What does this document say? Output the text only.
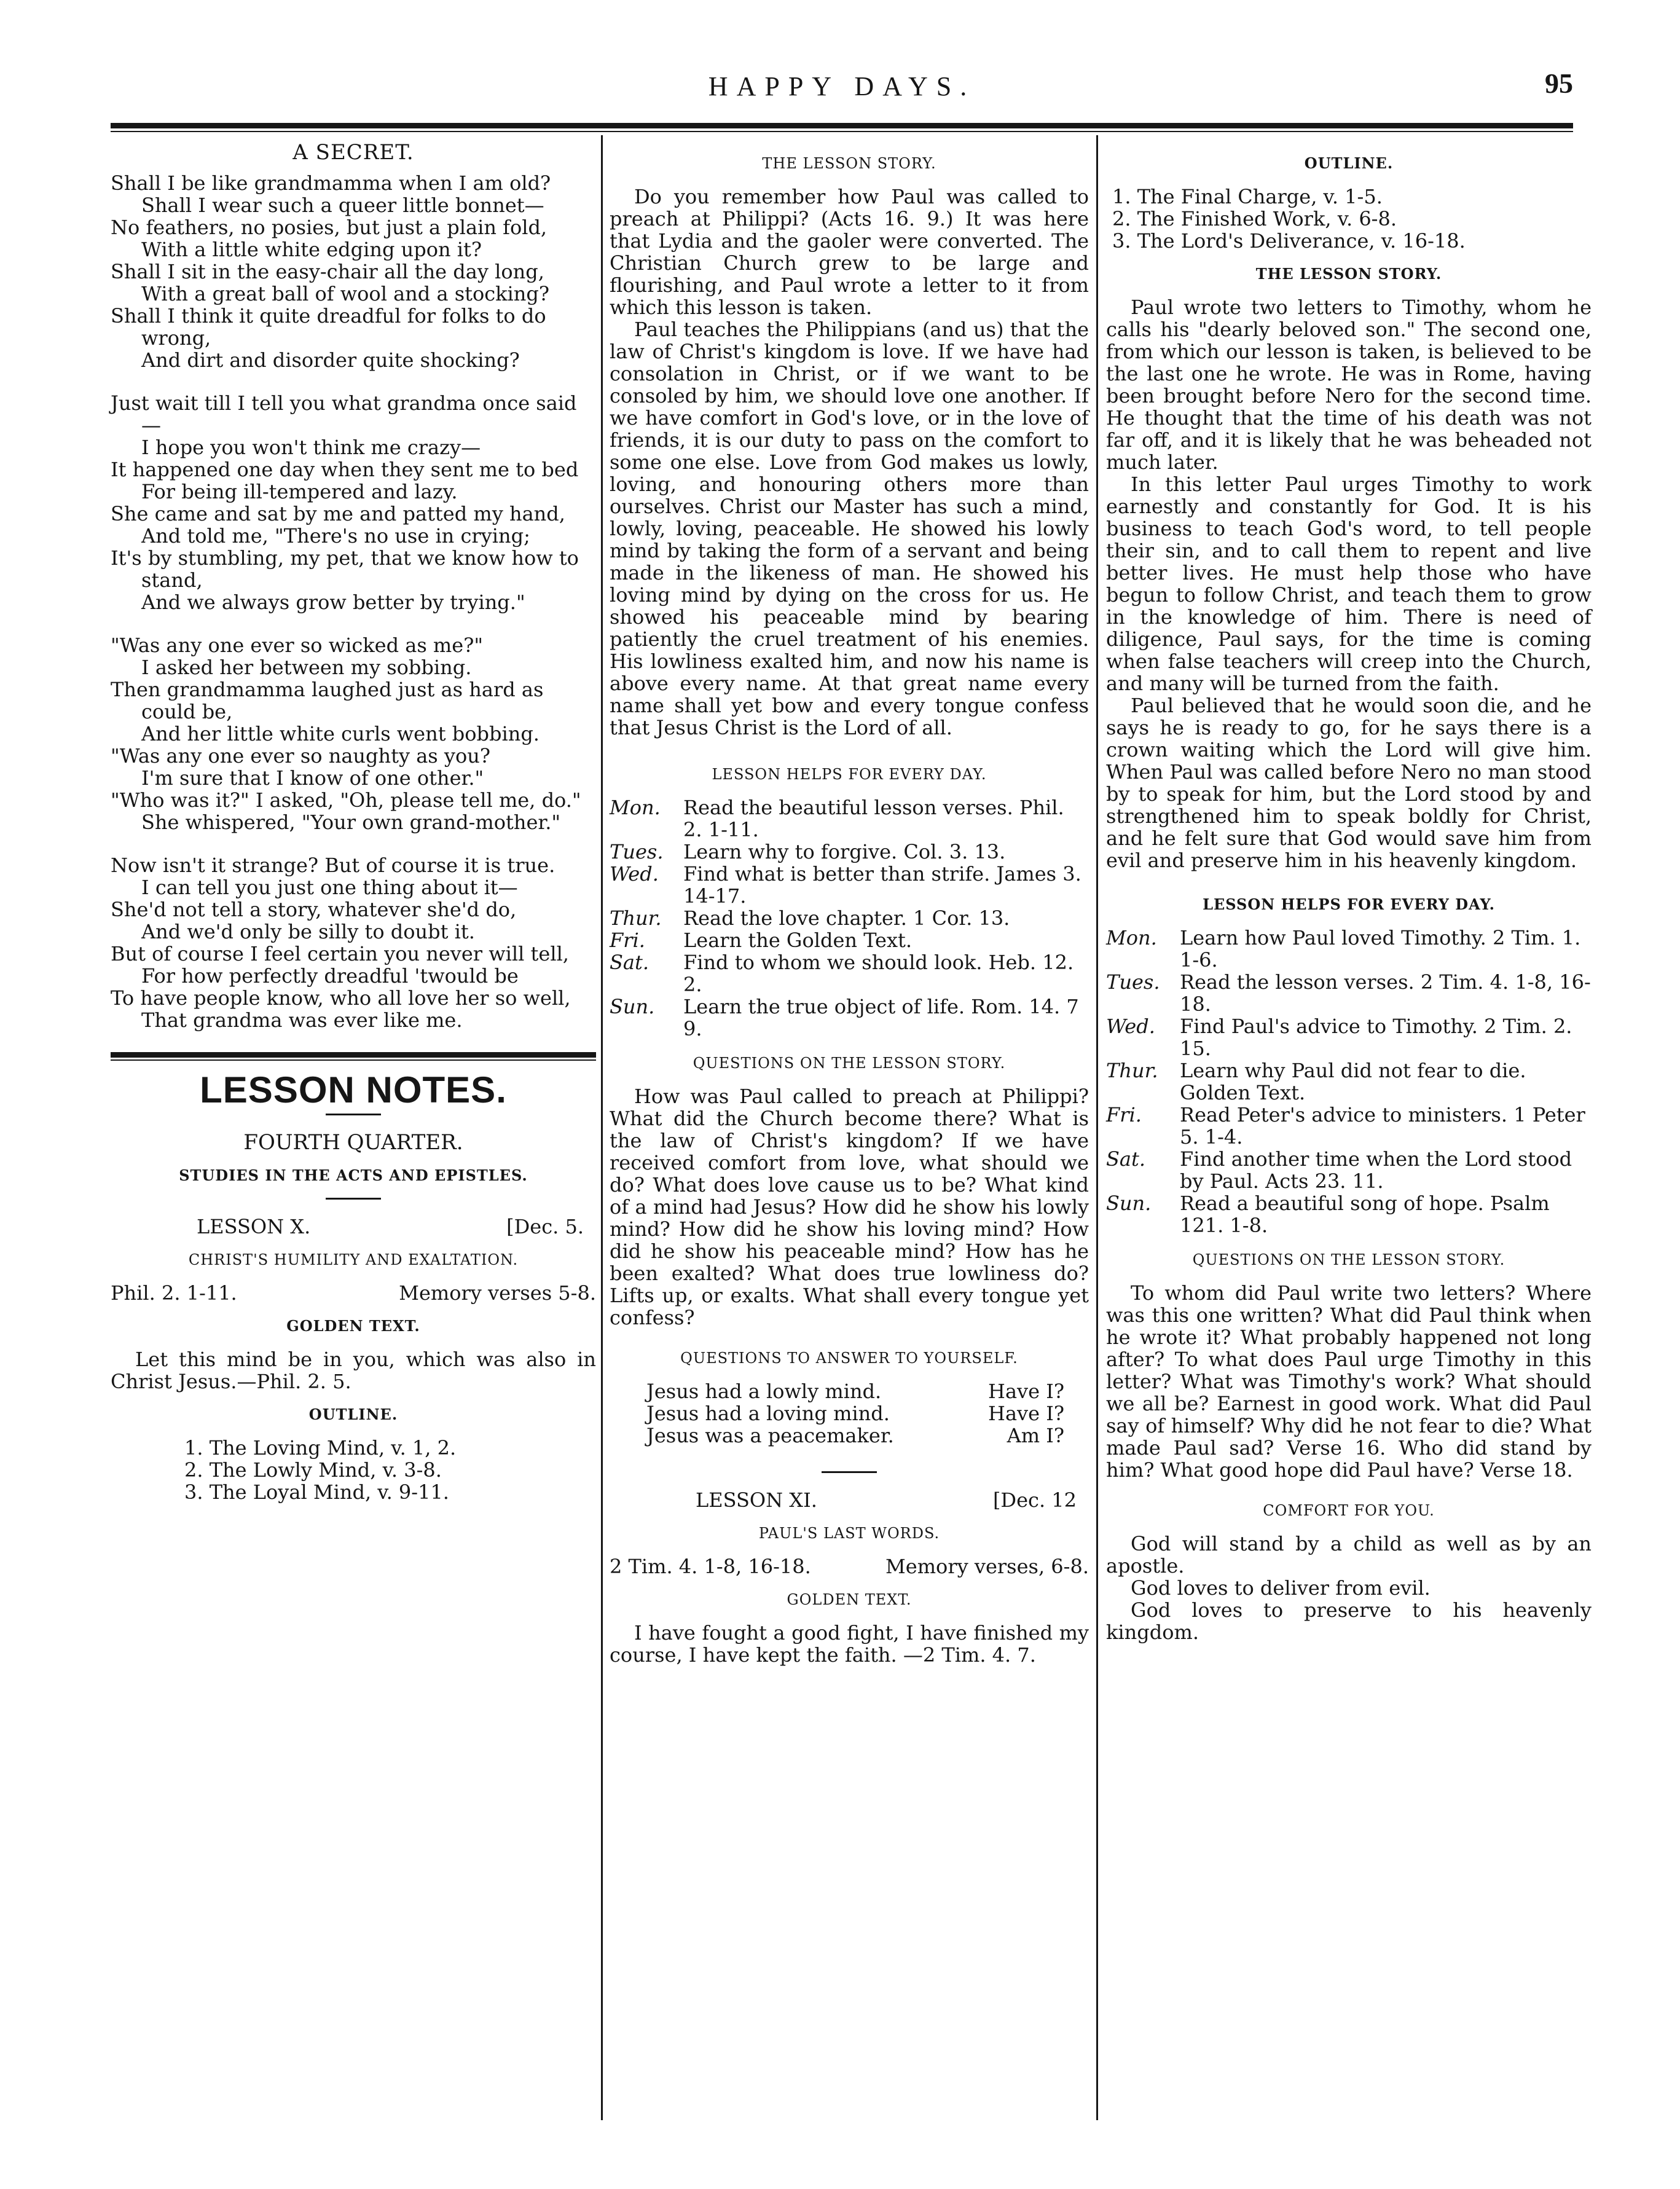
HAPPY DAYS.	95
A SECRET.
Shall I be like grandmamma when I am old?
Shall I wear such a queer little bonnet—
No feathers, no posies, but just a plain fold,
With a little white edging upon it?
Shall I sit in the easy-chair all the day long,
With a great ball of wool and a stocking?
Shall I think it quite dreadful for folks to do wrong,
And dirt and disorder quite shocking?
Just wait till I tell you what grandma once said—
I hope you won't think me crazy—
It happened one day when they sent me to bed
For being ill-tempered and lazy.
She came and sat by me and patted my hand,
And told me, "There's no use in crying;
It's by stumbling, my pet, that we know how to stand,
And we always grow better by trying."
"Was any one ever so wicked as me?"
I asked her between my sobbing.
Then grandmamma laughed just as hard as could be,
And her little white curls went bobbing.
"Was any one ever so naughty as you?
I'm sure that I know of one other."
"Who was it?" I asked, "Oh, please tell me, do."
She whispered, "Your own grand-mother."
Now isn't it strange? But of course it is true.
I can tell you just one thing about it—
She'd not tell a story, whatever she'd do,
And we'd only be silly to doubt it.
But of course I feel certain you never will tell,
For how perfectly dreadful 'twould be
To have people know, who all love her so well,
That grandma was ever like me.
LESSON NOTES.
FOURTH QUARTER.
STUDIES IN THE ACTS AND EPISTLES.
LESSON X.	[Dec. 5.
CHRIST'S HUMILITY AND EXALTATION.
Phil. 2. 1-11.	Memory verses 5-8.
GOLDEN TEXT.

Let this mind be in you, which was also in Christ Jesus.—Phil. 2. 5.

OUTLINE.
1. The Loving Mind, v. 1, 2.
2. The Lowly Mind, v. 3-8.
3. The Loyal Mind, v. 9-11.
THE LESSON STORY.

Do you remember how Paul was called to preach at Philippi? (Acts 16. 9.) It was here that Lydia and the gaoler were converted. The Christian Church grew to be large and flourishing, and Paul wrote a letter to it from which this lesson is taken.

Paul teaches the Philippians (and us) that the law of Christ's kingdom is love. If we have had consolation in Christ, or if we want to be consoled by him, we should love one another. If we have comfort in God's love, or in the love of friends, it is our duty to pass on the comfort to some one else. Love from God makes us lowly, loving, and honouring others more than ourselves. Christ our Master has such a mind, lowly, loving, peaceable. He showed his lowly mind by taking the form of a servant and being made in the likeness of man. He showed his loving mind by dying on the cross for us. He showed his peaceable mind by bearing patiently the cruel treatment of his enemies. His lowliness exalted him, and now his name is above every name. At that great name every name shall yet bow and every tongue confess that Jesus Christ is the Lord of all.

LESSON HELPS FOR EVERY DAY.
Mon.	Read the beautiful lesson verses. Phil. 2. 1-11.
Tues.	Learn why to forgive. Col. 3. 13.
Wed.	Find what is better than strife. James 3. 14-17.
Thur.	Read the love chapter. 1 Cor. 13.
Fri.	Learn the Golden Text.
Sat.	Find to whom we should look. Heb. 12. 2.
Sun.	Learn the true object of life. Rom. 14. 7 9.
QUESTIONS ON THE LESSON STORY.

How was Paul called to preach at Philippi? What did the Church become there? What is the law of Christ's kingdom? If we have received comfort from love, what should we do? What does love cause us to be? What kind of a mind had Jesus? How did he show his lowly mind? How did he show his loving mind? How did he show his peaceable mind? How has he been exalted? What does true lowliness do? Lifts up, or exalts. What shall every tongue yet confess?

QUESTIONS TO ANSWER TO YOURSELF.
Jesus had a lowly mind.	Have I?
Jesus had a loving mind.	Have I?
Jesus was a peacemaker.	Am I?
LESSON XI.	[Dec. 12
PAUL'S LAST WORDS.
2 Tim. 4. 1-8, 16-18.	Memory verses, 6-8.
GOLDEN TEXT.

I have fought a good fight, I have finished my course, I have kept the faith. —2 Tim. 4. 7.

OUTLINE.
1. The Final Charge, v. 1-5.
2. The Finished Work, v. 6-8.
3. The Lord's Deliverance, v. 16-18.
THE LESSON STORY.

Paul wrote two letters to Timothy, whom he calls his "dearly beloved son." The second one, from which our lesson is taken, is believed to be the last one he wrote. He was in Rome, having been brought before Nero for the second time. He thought that the time of his death was not far off, and it is likely that he was beheaded not much later.

In this letter Paul urges Timothy to work earnestly and constantly for God. It is his business to teach God's word, to tell people their sin, and to call them to repent and live better lives. He must help those who have begun to follow Christ, and teach them to grow in the knowledge of him. There is need of diligence, Paul says, for the time is coming when false teachers will creep into the Church, and many will be turned from the faith.

Paul believed that he would soon die, and he says he is ready to go, for he says there is a crown waiting which the Lord will give him. When Paul was called before Nero no man stood by to speak for him, but the Lord stood by and strengthened him to speak boldly for Christ, and he felt sure that God would save him from evil and preserve him in his heavenly kingdom.

LESSON HELPS FOR EVERY DAY.
Mon.	Learn how Paul loved Timothy. 2 Tim. 1. 1-6.
Tues.	Read the lesson verses. 2 Tim. 4. 1-8, 16-18.
Wed.	Find Paul's advice to Timothy. 2 Tim. 2. 15.
Thur.	Learn why Paul did not fear to die. Golden Text.
Fri.	Read Peter's advice to ministers. 1 Peter 5. 1-4.
Sat.	Find another time when the Lord stood by Paul. Acts 23. 11.
Sun.	Read a beautiful song of hope. Psalm 121. 1-8.
QUESTIONS ON THE LESSON STORY.

To whom did Paul write two letters? Where was this one written? What did Paul think when he wrote it? What probably happened not long after? To what does Paul urge Timothy in this letter? What was Timothy's work? What should we all be? Earnest in good work. What did Paul say of himself? Why did he not fear to die? What made Paul sad? Verse 16. Who did stand by him? What good hope did Paul have? Verse 18.

COMFORT FOR YOU.

God will stand by a child as well as by an apostle.

God loves to deliver from evil.

God loves to preserve to his heavenly kingdom.
